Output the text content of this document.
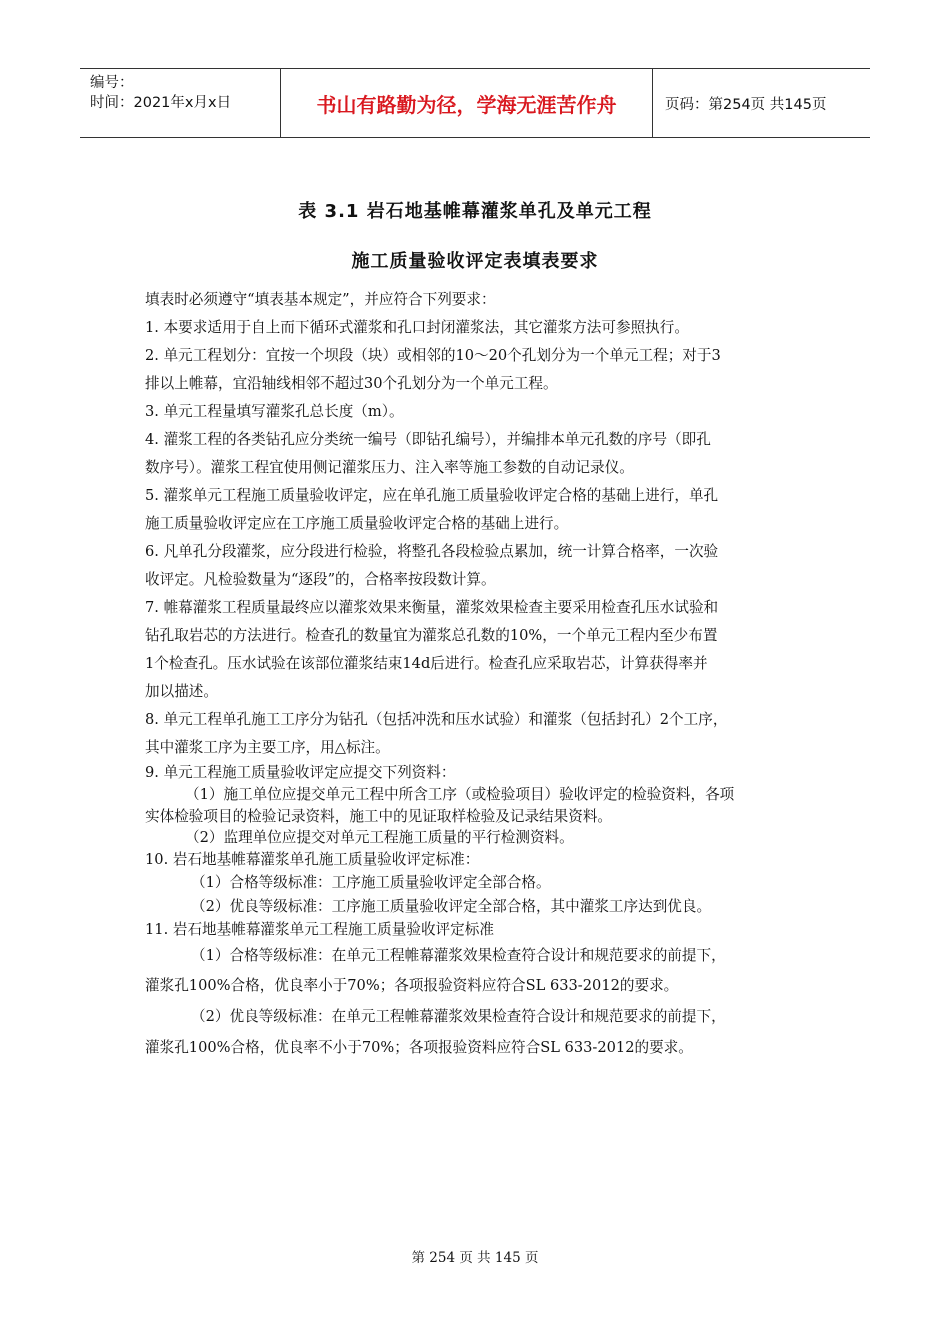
编号：
时间：2021年x月x日	书山有路勤为径，学海无涯苦作舟	页码：第254页 共145页
表 3.1 岩石地基帷幕灌浆单孔及单元工程
施工质量验收评定表填表要求

填表时必须遵守“填表基本规定”，并应符合下列要求：

1. 本要求适用于自上而下循环式灌浆和孔口封闭灌浆法，其它灌浆方法可参照执行。

2. 单元工程划分：宜按一个坝段（块）或相邻的10～20个孔划分为一个单元工程；对于3

排以上帷幕，宜沿轴线相邻不超过30个孔划分为一个单元工程。

3. 单元工程量填写灌浆孔总长度（m）。

4. 灌浆工程的各类钻孔应分类统一编号（即钻孔编号），并编排本单元孔数的序号（即孔

数序号）。灌浆工程宜使用侧记灌浆压力、注入率等施工参数的自动记录仪。

5. 灌浆单元工程施工质量验收评定，应在单孔施工质量验收评定合格的基础上进行，单孔

施工质量验收评定应在工序施工质量验收评定合格的基础上进行。

6. 凡单孔分段灌浆，应分段进行检验，将整孔各段检验点累加，统一计算合格率，一次验

收评定。凡检验数量为“逐段”的，合格率按段数计算。

7. 帷幕灌浆工程质量最终应以灌浆效果来衡量，灌浆效果检查主要采用检查孔压水试验和

钻孔取岩芯的方法进行。检查孔的数量宜为灌浆总孔数的10%，一个单元工程内至少布置

1个检查孔。压水试验在该部位灌浆结束14d后进行。检查孔应采取岩芯，计算获得率并

加以描述。

8. 单元工程单孔施工工序分为钻孔（包括冲洗和压水试验）和灌浆（包括封孔）2个工序，

其中灌浆工序为主要工序，用△标注。

9. 单元工程施工质量验收评定应提交下列资料：

（1）施工单位应提交单元工程中所含工序（或检验项目）验收评定的检验资料，各项

实体检验项目的检验记录资料，施工中的见证取样检验及记录结果资料。

（2）监理单位应提交对单元工程施工质量的平行检测资料。

10. 岩石地基帷幕灌浆单孔施工质量验收评定标准：

（1）合格等级标准：工序施工质量验收评定全部合格。

（2）优良等级标准：工序施工质量验收评定全部合格，其中灌浆工序达到优良。

11. 岩石地基帷幕灌浆单元工程施工质量验收评定标准

（1）合格等级标准：在单元工程帷幕灌浆效果检查符合设计和规范要求的前提下，

灌浆孔100%合格，优良率小于70%；各项报验资料应符合SL 633-2012的要求。

（2）优良等级标准：在单元工程帷幕灌浆效果检查符合设计和规范要求的前提下，

灌浆孔100%合格，优良率不小于70%；各项报验资料应符合SL 633-2012的要求。

第 254 页 共 145 页
